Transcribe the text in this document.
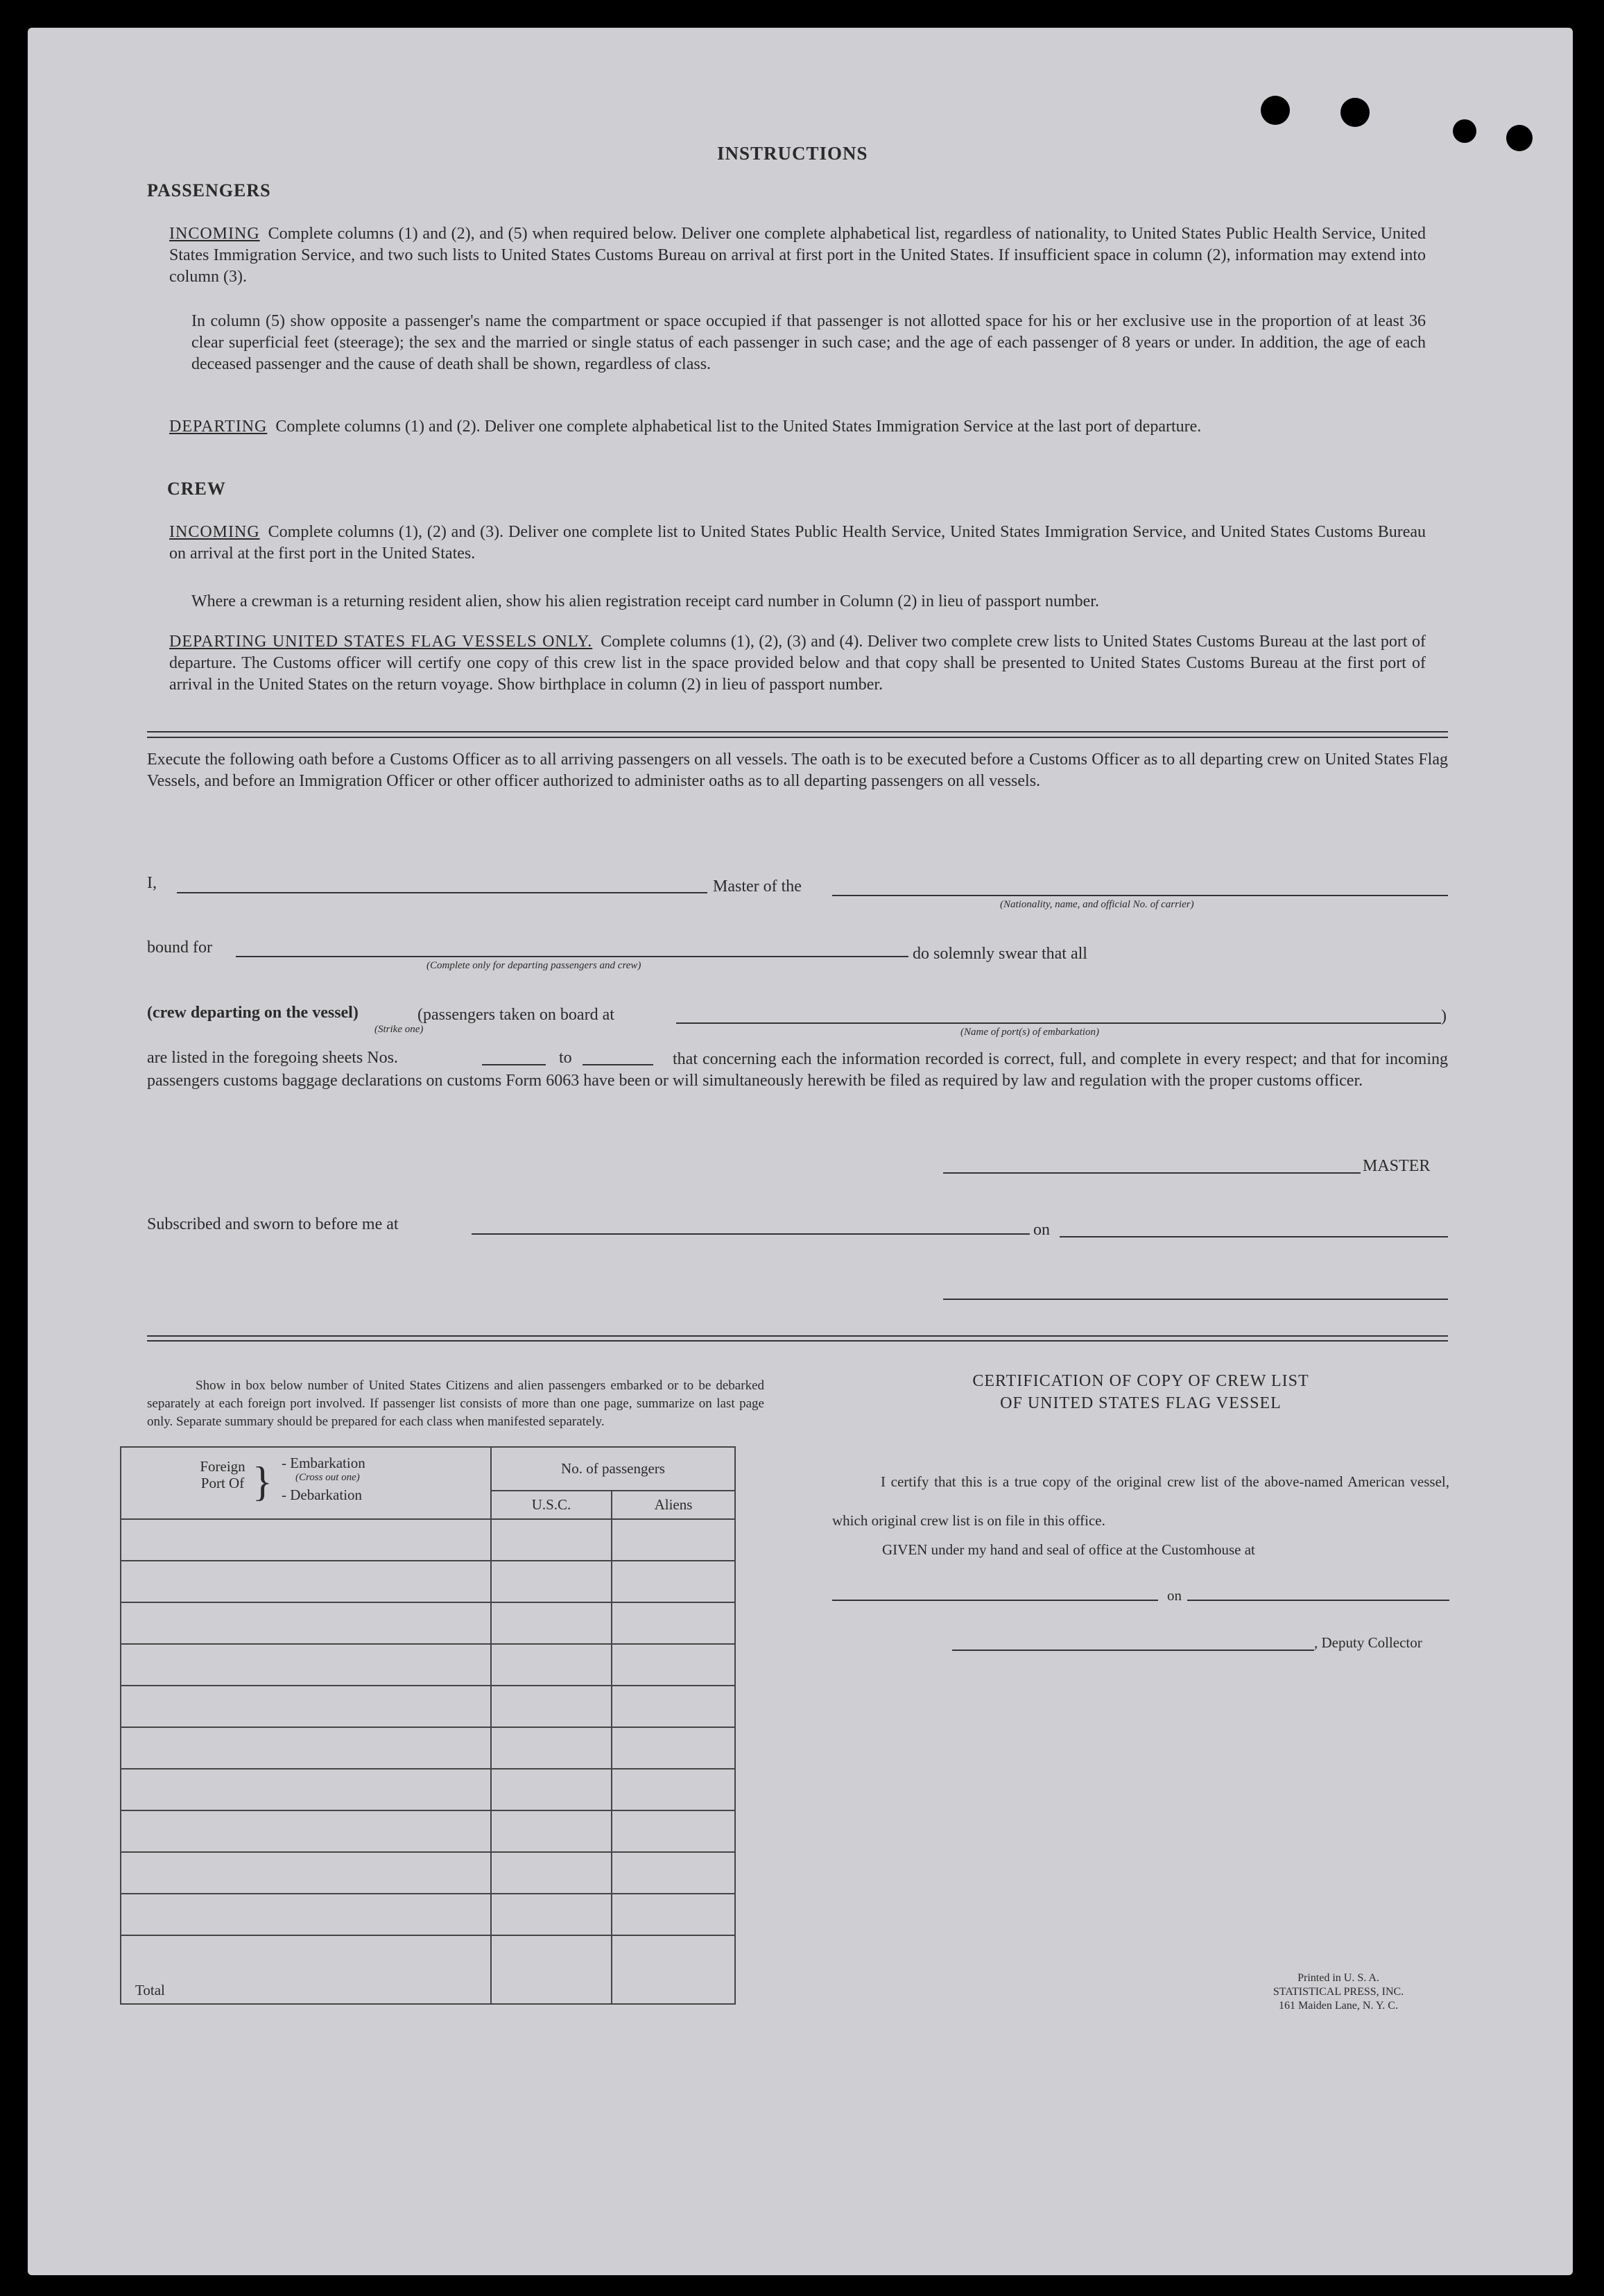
INSTRUCTIONS
PASSENGERS
INCOMING Complete columns (1) and (2), and (5) when required below. Deliver one complete alphabetical list, regardless of nationality, to United States Public Health Service, United States Immigration Service, and two such lists to United States Customs Bureau on arrival at first port in the United States. If insufficient space in column (2), information may extend into column (3).
In column (5) show opposite a passenger's name the compartment or space occupied if that passenger is not allotted space for his or her exclusive use in the proportion of at least 36 clear superficial feet (steerage); the sex and the married or single status of each passenger in such case; and the age of each passenger of 8 years or under. In addition, the age of each deceased passenger and the cause of death shall be shown, regardless of class.
DEPARTING Complete columns (1) and (2). Deliver one complete alphabetical list to the United States Immigration Service at the last port of departure.
CREW
INCOMING Complete columns (1), (2) and (3). Deliver one complete list to United States Public Health Service, United States Immigration Service, and United States Customs Bureau on arrival at the first port in the United States.
Where a crewman is a returning resident alien, show his alien registration receipt card number in Column (2) in lieu of passport number.
DEPARTING UNITED STATES FLAG VESSELS ONLY. Complete columns (1), (2), (3) and (4). Deliver two complete crew lists to United States Customs Bureau at the last port of departure. The Customs officer will certify one copy of this crew list in the space provided below and that copy shall be presented to United States Customs Bureau at the first port of arrival in the United States on the return voyage. Show birthplace in column (2) in lieu of passport number.
Execute the following oath before a Customs Officer as to all arriving passengers on all vessels. The oath is to be executed before a Customs Officer as to all departing crew on United States Flag Vessels, and before an Immigration Officer or other officer authorized to administer oaths as to all departing passengers on all vessels.
I,	Master of the
(Nationality, name, and official No. of carrier)
bound for
(Complete only for departing passengers and crew)
do solemnly swear that all
(crew departing on the vessel)	(passengers taken on board at
(Strike one)
)
(Name of port(s) of embarkation)
are listed in the foregoing sheets Nos.	to	that concerning each the information recorded is correct, full, and complete in every respect; and that for incoming passengers customs baggage declarations on customs Form 6063 have been or will simultaneously herewith be filed as required by law and regulation with the proper customs officer.
MASTER
Subscribed and sworn to before me at	on
Show in box below number of United States Citizens and alien passengers embarked or to be debarked separately at each foreign port involved. If passenger list consists of more than one page, summarize on last page only. Separate summary should be prepared for each class when manifested separately.
Foreign Port Of } - Embarkation
(Cross out one)
- Debarkation	No. of passengers	
	U.S.C.	Aliens

Total		
CERTIFICATION OF COPY OF CREW LIST
OF UNITED STATES FLAG VESSEL
I certify that this is a true copy of the original crew list of the above-named American vessel, which original crew list is on file in this office.
GIVEN under my hand and seal of office at the Customhouse at
on
, Deputy Collector
Printed in U. S. A.
STATISTICAL PRESS, INC.
161 Maiden Lane, N. Y. C.
